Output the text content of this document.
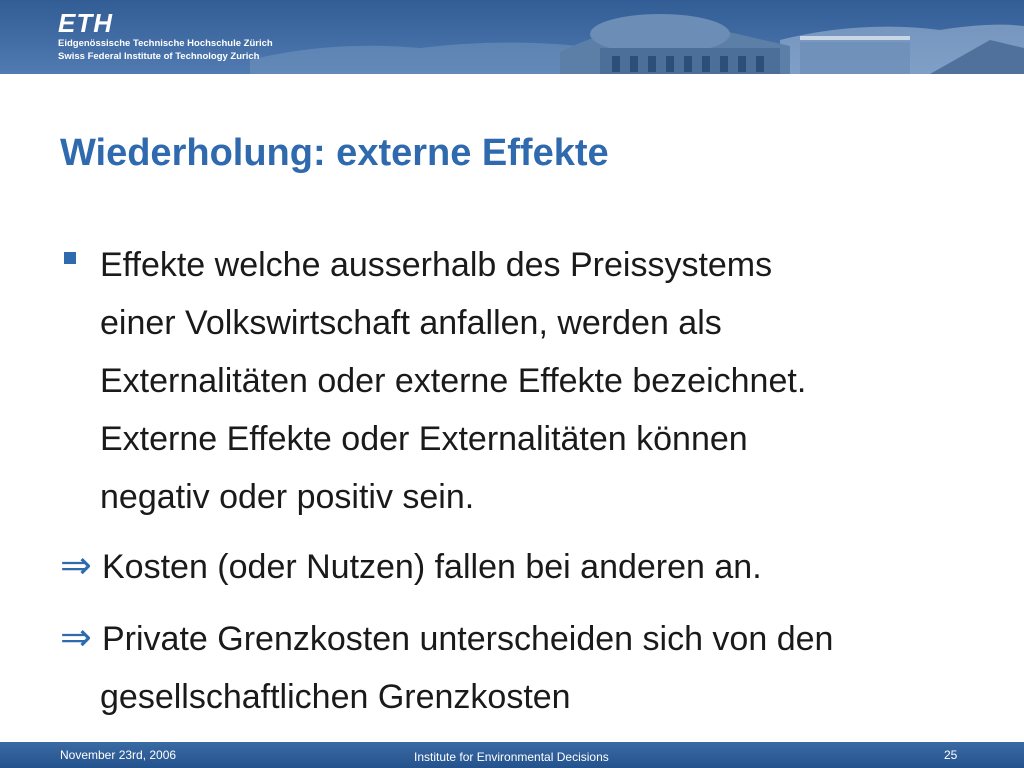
ETH
Eidgenössische Technische Hochschule Zürich
Swiss Federal Institute of Technology Zurich
Wiederholung: externe Effekte
Effekte welche ausserhalb des Preissystems
einer Volkswirtschaft anfallen, werden als
Externalitäten oder externe Effekte bezeichnet.
Externe Effekte oder Externalitäten können
negativ oder positiv sein.
⇒ Kosten (oder Nutzen) fallen bei anderen an.
⇒ Private Grenzkosten unterscheiden sich von den
gesellschaftlichen Grenzkosten
November 23rd, 2006	Institute for Environmental Decisions	25
